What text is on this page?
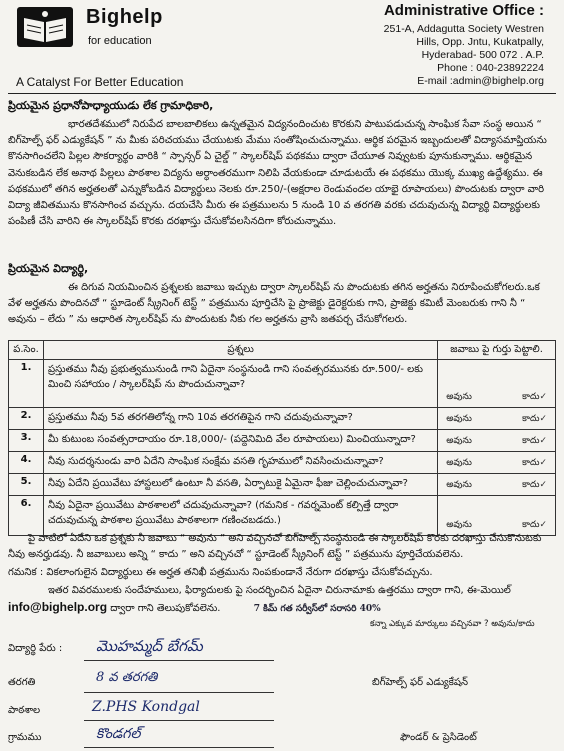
Bighelp
for education
A Catalyst For Better Education
Administrative Office :
251-A, Addagutta Society Westren
Hills, Opp. Jntu, Kukatpally,
Hyderabad- 500 072 . A.P.
Phone : 040-23892224
E-mail :admin@bighelp.org
ప్రియమైన ప్రధానోపాధ్యాయుడు లేక గ్రామాధికారి,
భారతదేశములో నిరుపేద బాలబాలికలు ఉన్నతమైన విద్యనందించుట కొరకుని పాటుపడుచున్న సాంఘిక సేవా సంస్థ అయిన “ బిగ్‌హెల్ప్ ఫర్ ఎడ్యుకేషన్ ” ను మీకు పరిచయము చేయుటకు మేము సంతోషించుచున్నాము. ఆర్థిక పరమైన ఇబ్బందులతో విద్యాసమాప్తియను కొనసాగించలేని పిల్లల సౌకర్యార్థం వారికి “ స్పాన్సర్ ఏ చైల్డ్ ” స్కాలర్‌షిప్ పథకము ద్వారా చేయూత నివ్వుటకు పూనుకున్నాము. ఆర్థికమైన వెనుకబడిన లేక అనాథ పిల్లలు పాఠశాల విద్యను అర్ధాంతరముగా నిలిపి వేయకుండా చూడుటయే ఈ పథకము యొక్క ముఖ్య ఉద్దేశ్యము. ఈ పథకములో తగిన అర్హతలతో ఎన్నుకోబడిన విద్యార్థులు నెలకు రూ.250/-(అక్షరాల రెండువందల యాభై రూపాయలు) పొందుటకు ద్వారా వారి విద్యా జీవితమును కొనసాగించ వచ్చును. దయచేసి మీరు ఈ పత్రములను 5 నుండి 10 వ తరగతి వరకు చదువుచున్న విద్యార్థి విద్యార్థులకు పంపిణీ చేసి వారిని ఈ స్కాలర్‌షిప్ కొరకు దరఖాస్తు చేసుకోవలసినదిగా కోరుచున్నాము.
ప్రియమైన విద్యార్థి,
ఈ దిగువ నియమించిన ప్రశ్నలకు జవాబు ఇచ్చుట ద్వారా స్కాలర్‌షిప్ ను పొందుటకు తగిన అర్హతను నిరూపించుకోగలరు.ఒక వేళ అర్హతను పొందినచో “ స్టూడెంట్ స్క్రీనింగ్ టెస్ట్ ” పత్రమును పూర్తిచేసి పై ప్రాజెక్టు డైరెక్టరుకు గాని, ప్రాజెక్టు కమిటీ మెంబరుకు గాని నీ “ అవును – లేదు ” ను ఆధారిత స్కాలర్‌షిప్ ను పొందుటకు నీకు గల అర్హతను వ్రాసి జతపర్చ చేసుకోగలరు.
ప.సెం.	ప్రశ్నలు	జవాబు పై గుర్తు పెట్టాలి.
1.	ప్రస్తుతము నీవు ప్రభుత్వమునుండి గాని ఏదైనా సంస్థనుండి గాని సంవత్సరమునకు రూ.500/- లకు మించి సహాయం / స్కాలర్‌షిప్ ను పొందుచున్నావా?	అవును కాదు✓

2.	ప్రస్తుతము నీవు 5వ తరగతిలోన్న గాని 10వ తరగతిపైన గాని చదువుచున్నావా?	అవును కాదు✓

3.	మీ కుటుంబ సంవత్సరాదాయం రూ.18,000/- (పద్దెనిమిది వేల రూపాయలు) మించియున్నాదా?	అవును కాదు✓

4.	నీవు సుదర్శనుండు వారి ఏదేని సాంఘిక సంక్షేమ వసతి గృహములో నివసించుచున్నావా?	అవును కాదు✓

5.	నీవు ఏదేని ప్రయివేటు హాస్టలులో ఉంటూ నీ వసతి, ఏర్పాటుకై ఏమైనా ఫీజు చెల్లించుచున్నావా?	అవును కాదు✓

6.	నీవు ఏదైనా ప్రయివేటు పాఠశాలలో చదువుచున్నావా? (గమనిక - గవర్నమెంట్ కల్పిత్తే ద్వారా చదువుచున్న పాఠశాల ప్రయివేటు పాఠశాలగా గణించబడదు.)	అవును కాదు✓
పై వాటిలో ఏదేని ఒక ప్రశ్నకు నీ జవాబు “ అవును ” అని వచ్చినచో బిగ్‌హెల్ప్ సంస్థనుండి ఈ స్కాలర్‌షిప్ కొరకు దరఖాస్తు చేసుకొనుటకు నీవు అనర్హుడవు. నీ జవాబులు అన్ని “ కాదు ” అని వచ్చినచో “ స్టూడెంట్ స్క్రీనింగ్ టెస్ట్ ” పత్రమును పూర్తిచేయవలెను.
గమనిక : వికలాంగులైన విద్యార్థులు ఈ అర్హత తనిఖీ పత్రమును నింపకుండానే నేరుగా దరఖాస్తు చేసుకోవచ్చును.
ఇతర వివరములకు సందేహములు, ఫిర్యాదులకు పై సందర్భించిన ఏదైనా చిరునామాకు ఉత్తరము ద్వారా గాని, ఈ-మెయిల్
info@bighelp.org ద్వారా గాని తెలుపుకోవలెను.	7 కిమ్ గత సర్వీస్‌లో సరాసరి 40%
కన్నా ఎక్కువ మార్కులు వచ్చినవా ? అవును/కాదు
విద్యార్థి పేరు : మొహమ్మద్ బేగమ్
తరగతి	8 వ తరగతి
పాఠశాల	Z.PHS Kondgal
గ్రామము	కొండగల్
బిగ్‌హెల్ప్ ఫర్ ఎడ్యుకేషన్
ఫౌండర్ & ప్రెసిడెంట్
